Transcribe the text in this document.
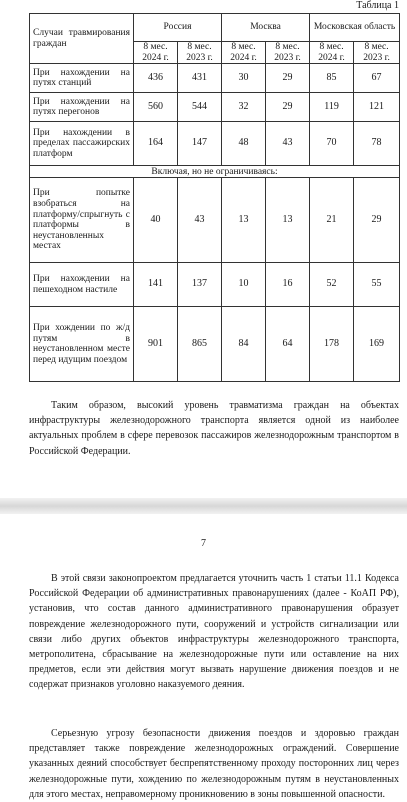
Таблица 1
Случаи травмирования граждан	Россия		Москва		Московская область	
	8 мес. 2024 г.	8 мес. 2023 г.	8 мес. 2024 г.	8 мес. 2023 г.	8 мес. 2024 г.	8 мес. 2023 г.
При нахождении на путях станций	436	431	30	29	85	67
При нахождении на путях перегонов	560	544	32	29	119	121
При нахождении в пределах пассажирских платформ	164	147	48	43	70	78
Включая, но не ограничиваясь:						
При попытке взобраться на платформу/спрыгнуть с платформы в неустановленных местах	40	43	13	13	21	29
При нахождении на пешеходном настиле	141	137	10	16	52	55
При хождении по ж/д путям в неустановленном месте перед идущим поездом	901	865	84	64	178	169

Таким образом, высокий уровень травматизма граждан на объектах инфраструктуры железнодорожного транспорта является одной из наиболее актуальных проблем в сфере перевозок пассажиров железнодорожным транспортом в Российской Федерации.

7

В этой связи законопроектом предлагается уточнить часть 1 статьи 11.1 Кодекса Российской Федерации об административных правонарушениях (далее - КоАП РФ), установив, что состав данного административного правонарушения образует повреждение железнодорожного пути, сооружений и устройств сигнализации или связи либо других объектов инфраструктуры железнодорожного транспорта, метрополитена, сбрасывание на железнодорожные пути или оставление на них предметов, если эти действия могут вызвать нарушение движения поездов и не содержат признаков уголовно наказуемого деяния.

Серьезную угрозу безопасности движения поездов и здоровью граждан представляет также повреждение железнодорожных ограждений. Совершение указанных деяний способствует беспрепятственному проходу посторонних лиц через железнодорожные пути, хождению по железнодорожным путям в неустановленных для этого местах, неправомерному проникновению в зоны повышенной опасности.
